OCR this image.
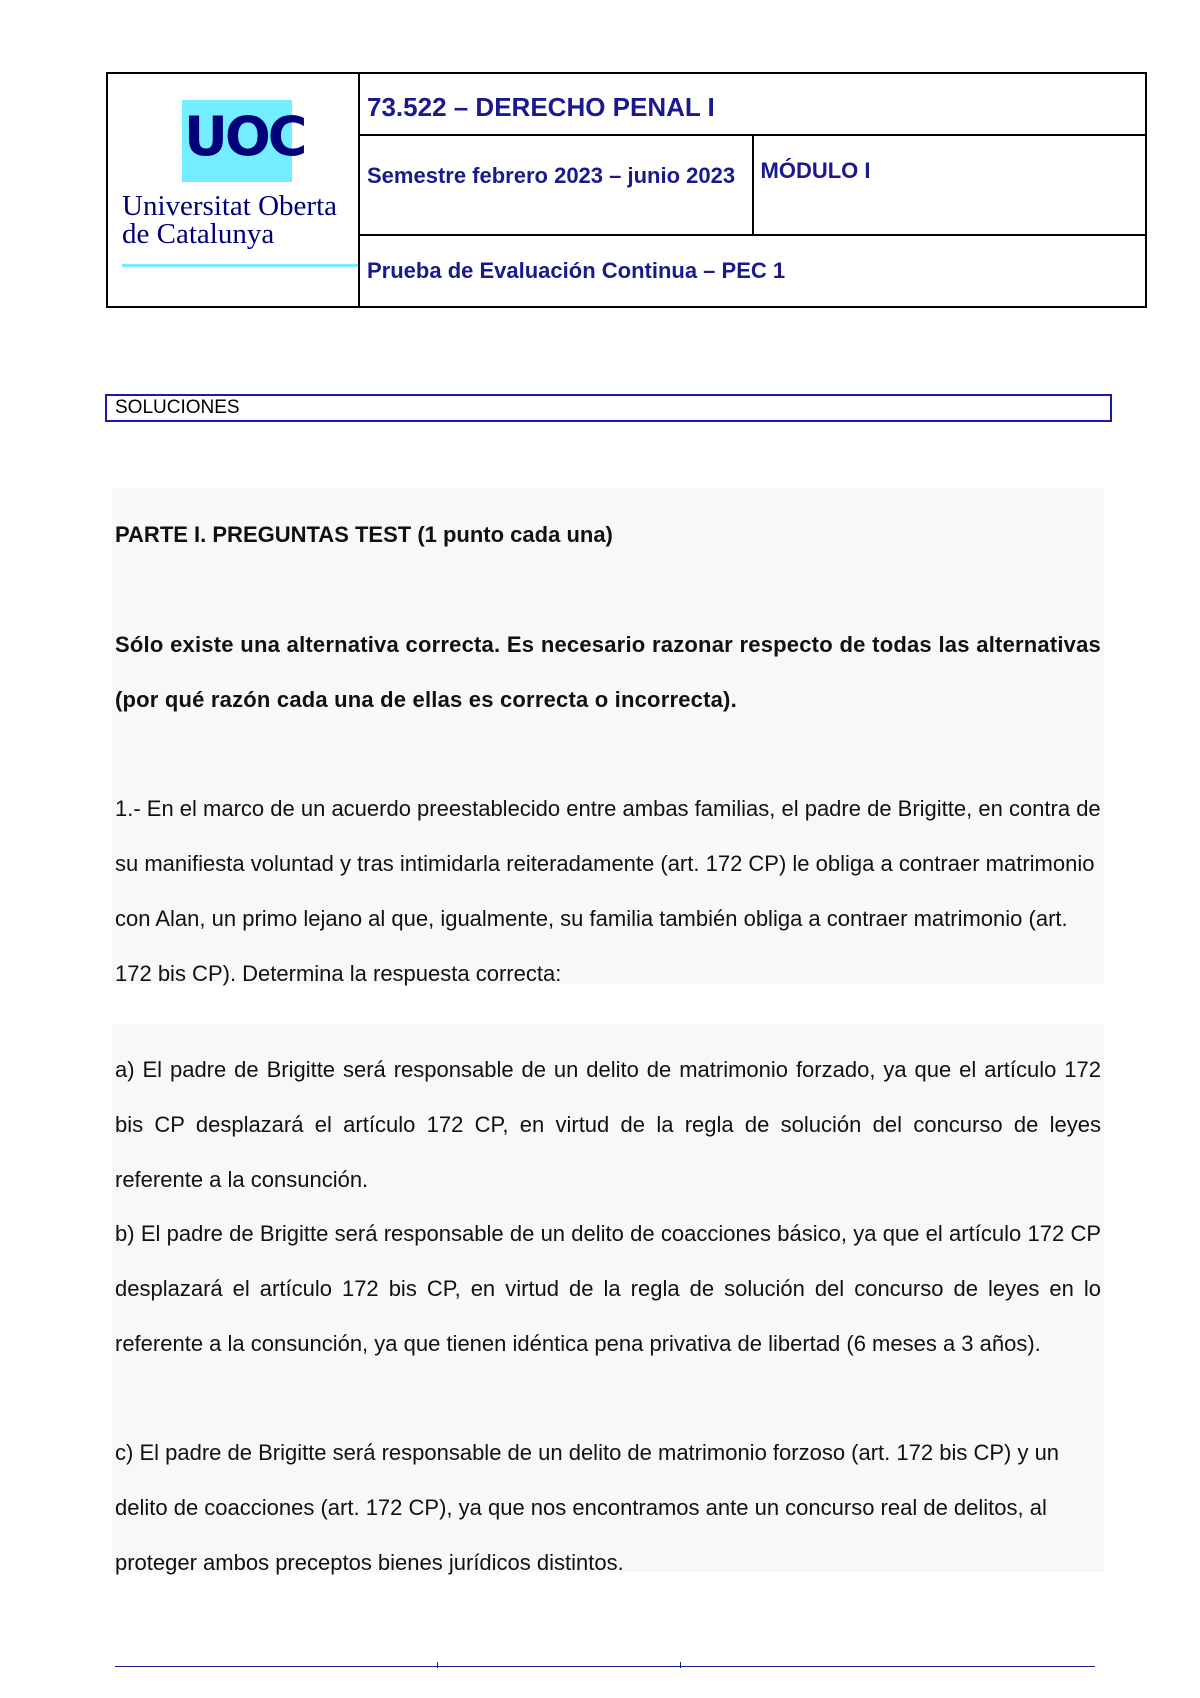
UOC
Universitat Oberta
de Catalunya	73.522 – DERECHO PENAL I	

	Semestre febrero 2023 – junio 2023	MÓDULO I

	Prueba de Evaluación Continua – PEC 1	
SOLUCIONES
PARTE I. PREGUNTAS TEST (1 punto cada una)
Sólo existe una alternativa correcta. Es necesario razonar respecto de todas las alternativas (por qué razón cada una de ellas es correcta o incorrecta).
1.- En el marco de un acuerdo preestablecido entre ambas familias, el padre de Brigitte, en contra de su manifiesta voluntad y tras intimidarla reiteradamente (art. 172 CP) le obliga a contraer matrimonio con Alan, un primo lejano al que, igualmente, su familia también obliga a contraer matrimonio (art. 172 bis CP). Determina la respuesta correcta:
a) El padre de Brigitte será responsable de un delito de matrimonio forzado, ya que el artículo 172 bis CP desplazará el artículo 172 CP, en virtud de la regla de solución del concurso de leyes referente a la consunción.
b) El padre de Brigitte será responsable de un delito de coacciones básico, ya que el artículo 172 CP desplazará el artículo 172 bis CP, en virtud de la regla de solución del concurso de leyes en lo referente a la consunción, ya que tienen idéntica pena privativa de libertad (6 meses a 3 años).
c) El padre de Brigitte será responsable de un delito de matrimonio forzoso (art. 172 bis CP) y un delito de coacciones (art. 172 CP), ya que nos encontramos ante un concurso real de delitos, al proteger ambos preceptos bienes jurídicos distintos.
